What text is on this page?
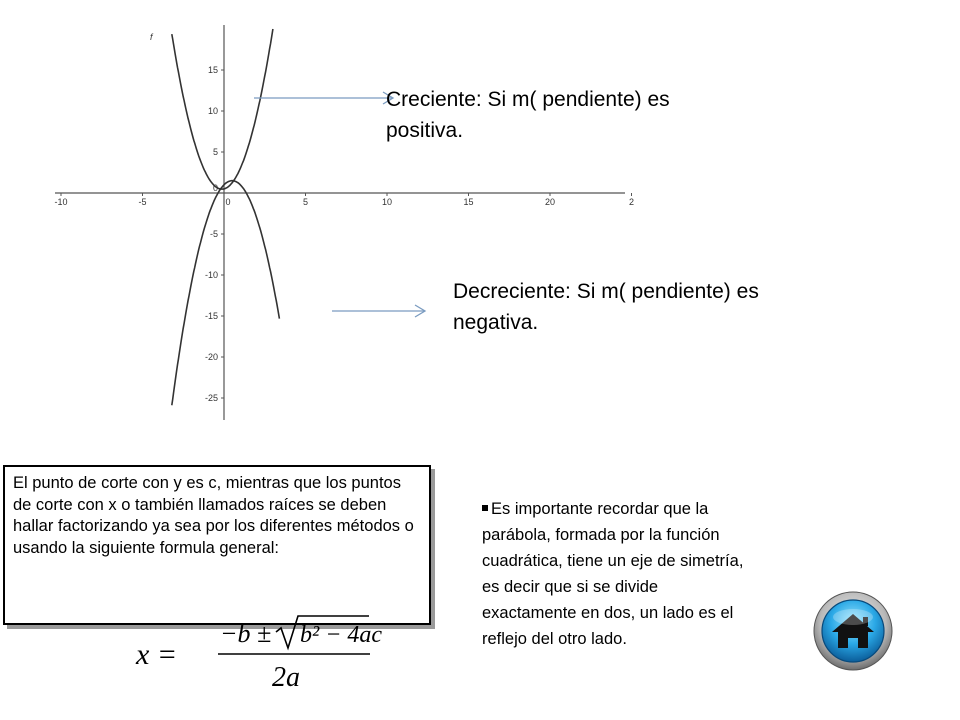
-10	-5	0	5	10	15	20	2
15
10
5
0
-5
-10
-15
-20
-25
f
Creciente: Si m( pendiente) es positiva.
Decreciente: Si m( pendiente) es negativa.
El punto de corte con y es c, mientras que los puntos de corte con x o también llamados raíces se deben hallar factorizando ya sea por los diferentes métodos o usando la siguiente formula general:
x =
−b ± b² − 4ac
2a
Es importante recordar que la parábola, formada por la función cuadrática, tiene un eje de simetría, es decir que si se divide exactamente en dos, un lado es el reflejo del otro lado.
